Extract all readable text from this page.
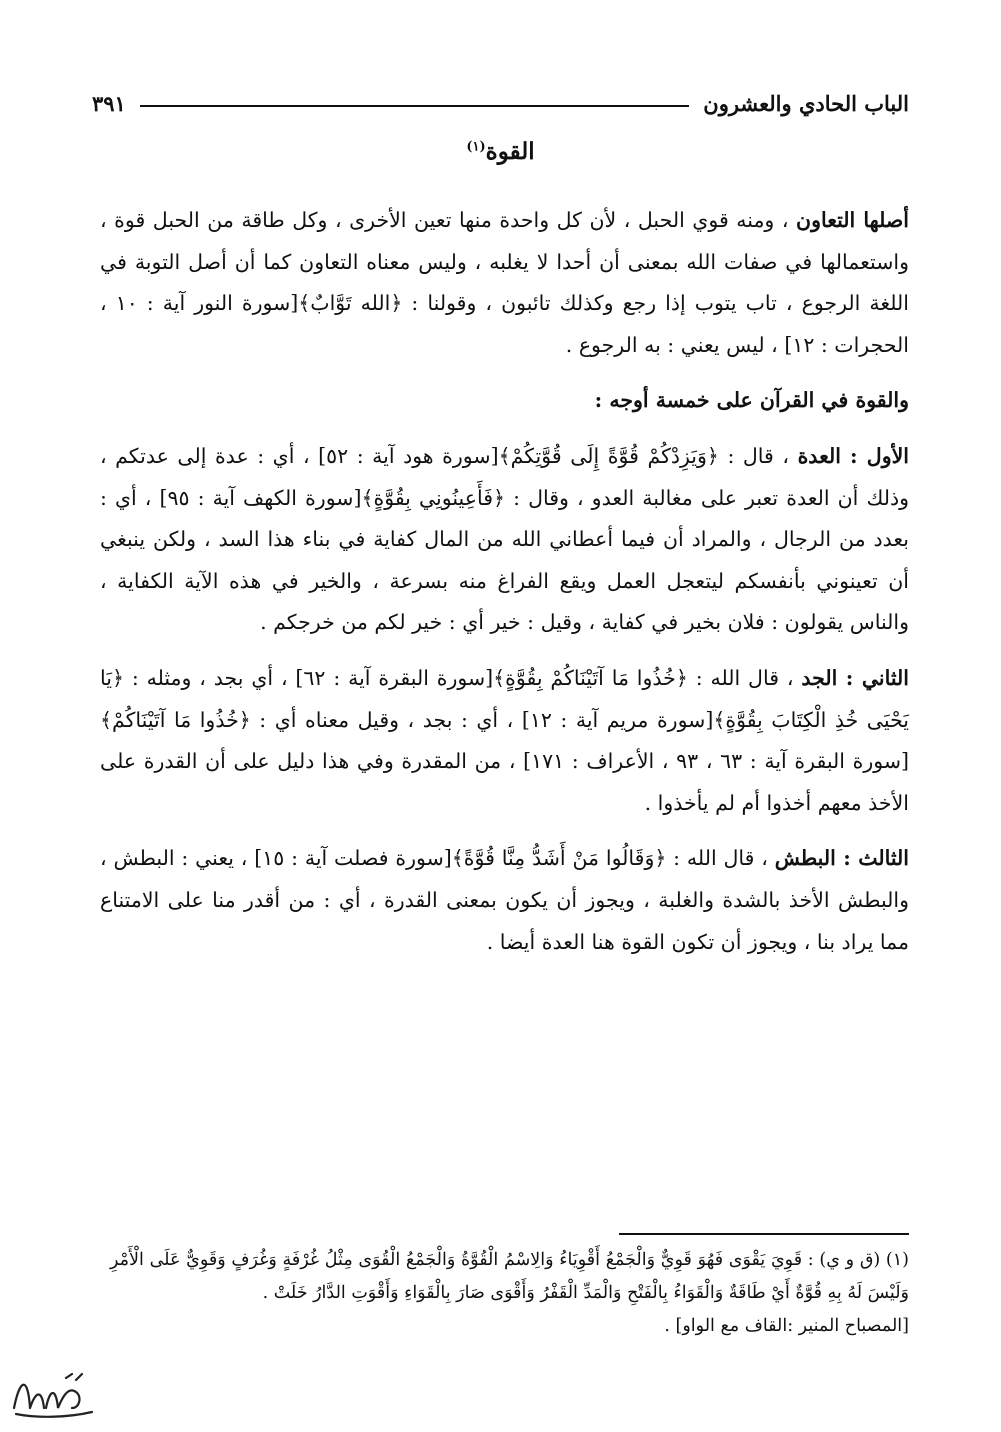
الباب الحادي والعشرون
٣٩١
القوة$^{(١)}$

أصلها التعاون ، ومنه قوي الحبل ، لأن كل واحدة منها تعين الأخرى ، وكل طاقة من الحبل قوة ، واستعمالها في صفات الله بمعنى أن أحدا لا يغلبه ، وليس معناه التعاون كما أن أصل التوبة في اللغة الرجوع ، تاب يتوب إذا رجع وكذلك تائبون ، وقولنا : ﴿الله تَوَّابٌ﴾[سورة النور آية : ١٠ ، الحجرات : ١٢] ، ليس يعني : به الرجوع .

والقوة في القرآن على خمسة أوجه :

الأول : العدة ، قال : ﴿وَيَزِدْكُمْ قُوَّةً إِلَى قُوَّتِكُمْ﴾[سورة هود آية : ٥٢] ، أي : عدة إلى عدتكم ، وذلك أن العدة تعبر على مغالبة العدو ، وقال : ﴿فَأَعِينُونِي بِقُوَّةٍ﴾[سورة الكهف آية : ٩٥] ، أي : بعدد من الرجال ، والمراد أن فيما أعطاني الله من المال كفاية في بناء هذا السد ، ولكن ينبغي أن تعينوني بأنفسكم ليتعجل العمل ويقع الفراغ منه بسرعة ، والخير في هذه الآية الكفاية ، والناس يقولون : فلان بخير في كفاية ، وقيل : خير أي : خير لكم من خرجكم .

الثاني : الجد ، قال الله : ﴿خُذُوا مَا آتَيْنَاكُمْ بِقُوَّةٍ﴾[سورة البقرة آية : ٦٢] ، أي بجد ، ومثله : ﴿يَا يَحْيَى خُذِ الْكِتَابَ بِقُوَّةٍ﴾[سورة مريم آية : ١٢] ، أي : بجد ، وقيل معناه أي : ﴿خُذُوا مَا آتَيْنَاكُمْ﴾[سورة البقرة آية : ٦٣ ، ٩٣ ، الأعراف : ١٧١] ، من المقدرة وفي هذا دليل على أن القدرة على الأخذ معهم أخذوا أم لم يأخذوا .

الثالث : البطش ، قال الله : ﴿وَقَالُوا مَنْ أَشَدُّ مِنَّا قُوَّةً﴾[سورة فصلت آية : ١٥] ، يعني : البطش ، والبطش الأخذ بالشدة والغلبة ، ويجوز أن يكون بمعنى القدرة ، أي : من أقدر منا على الامتناع مما يراد بنا ، ويجوز أن تكون القوة هنا العدة أيضا .

(١) (ق و ي) : قَوِيَ يَقْوَى فَهُوَ قَوِيٌّ وَالْجَمْعُ أَقْوِيَاءُ وَالِاسْمُ الْقُوَّةُ وَالْجَمْعُ الْقُوَى مِثْلُ غُرْفَةٍ وَغُرَفٍ وَقَوِيٌّ عَلَى الْأَمْرِ وَلَيْسَ لَهُ بِهِ قُوَّةٌ أَيْ طَاقَةٌ وَالْقَوَاءُ بِالْفَتْحِ وَالْمَدِّ الْقَفْرُ وَأَقْوَى صَارَ بِالْقَوَاءِ وَأَقْوَتِ الدَّارُ خَلَتْ .

[المصباح المنير :القاف مع الواو] .
